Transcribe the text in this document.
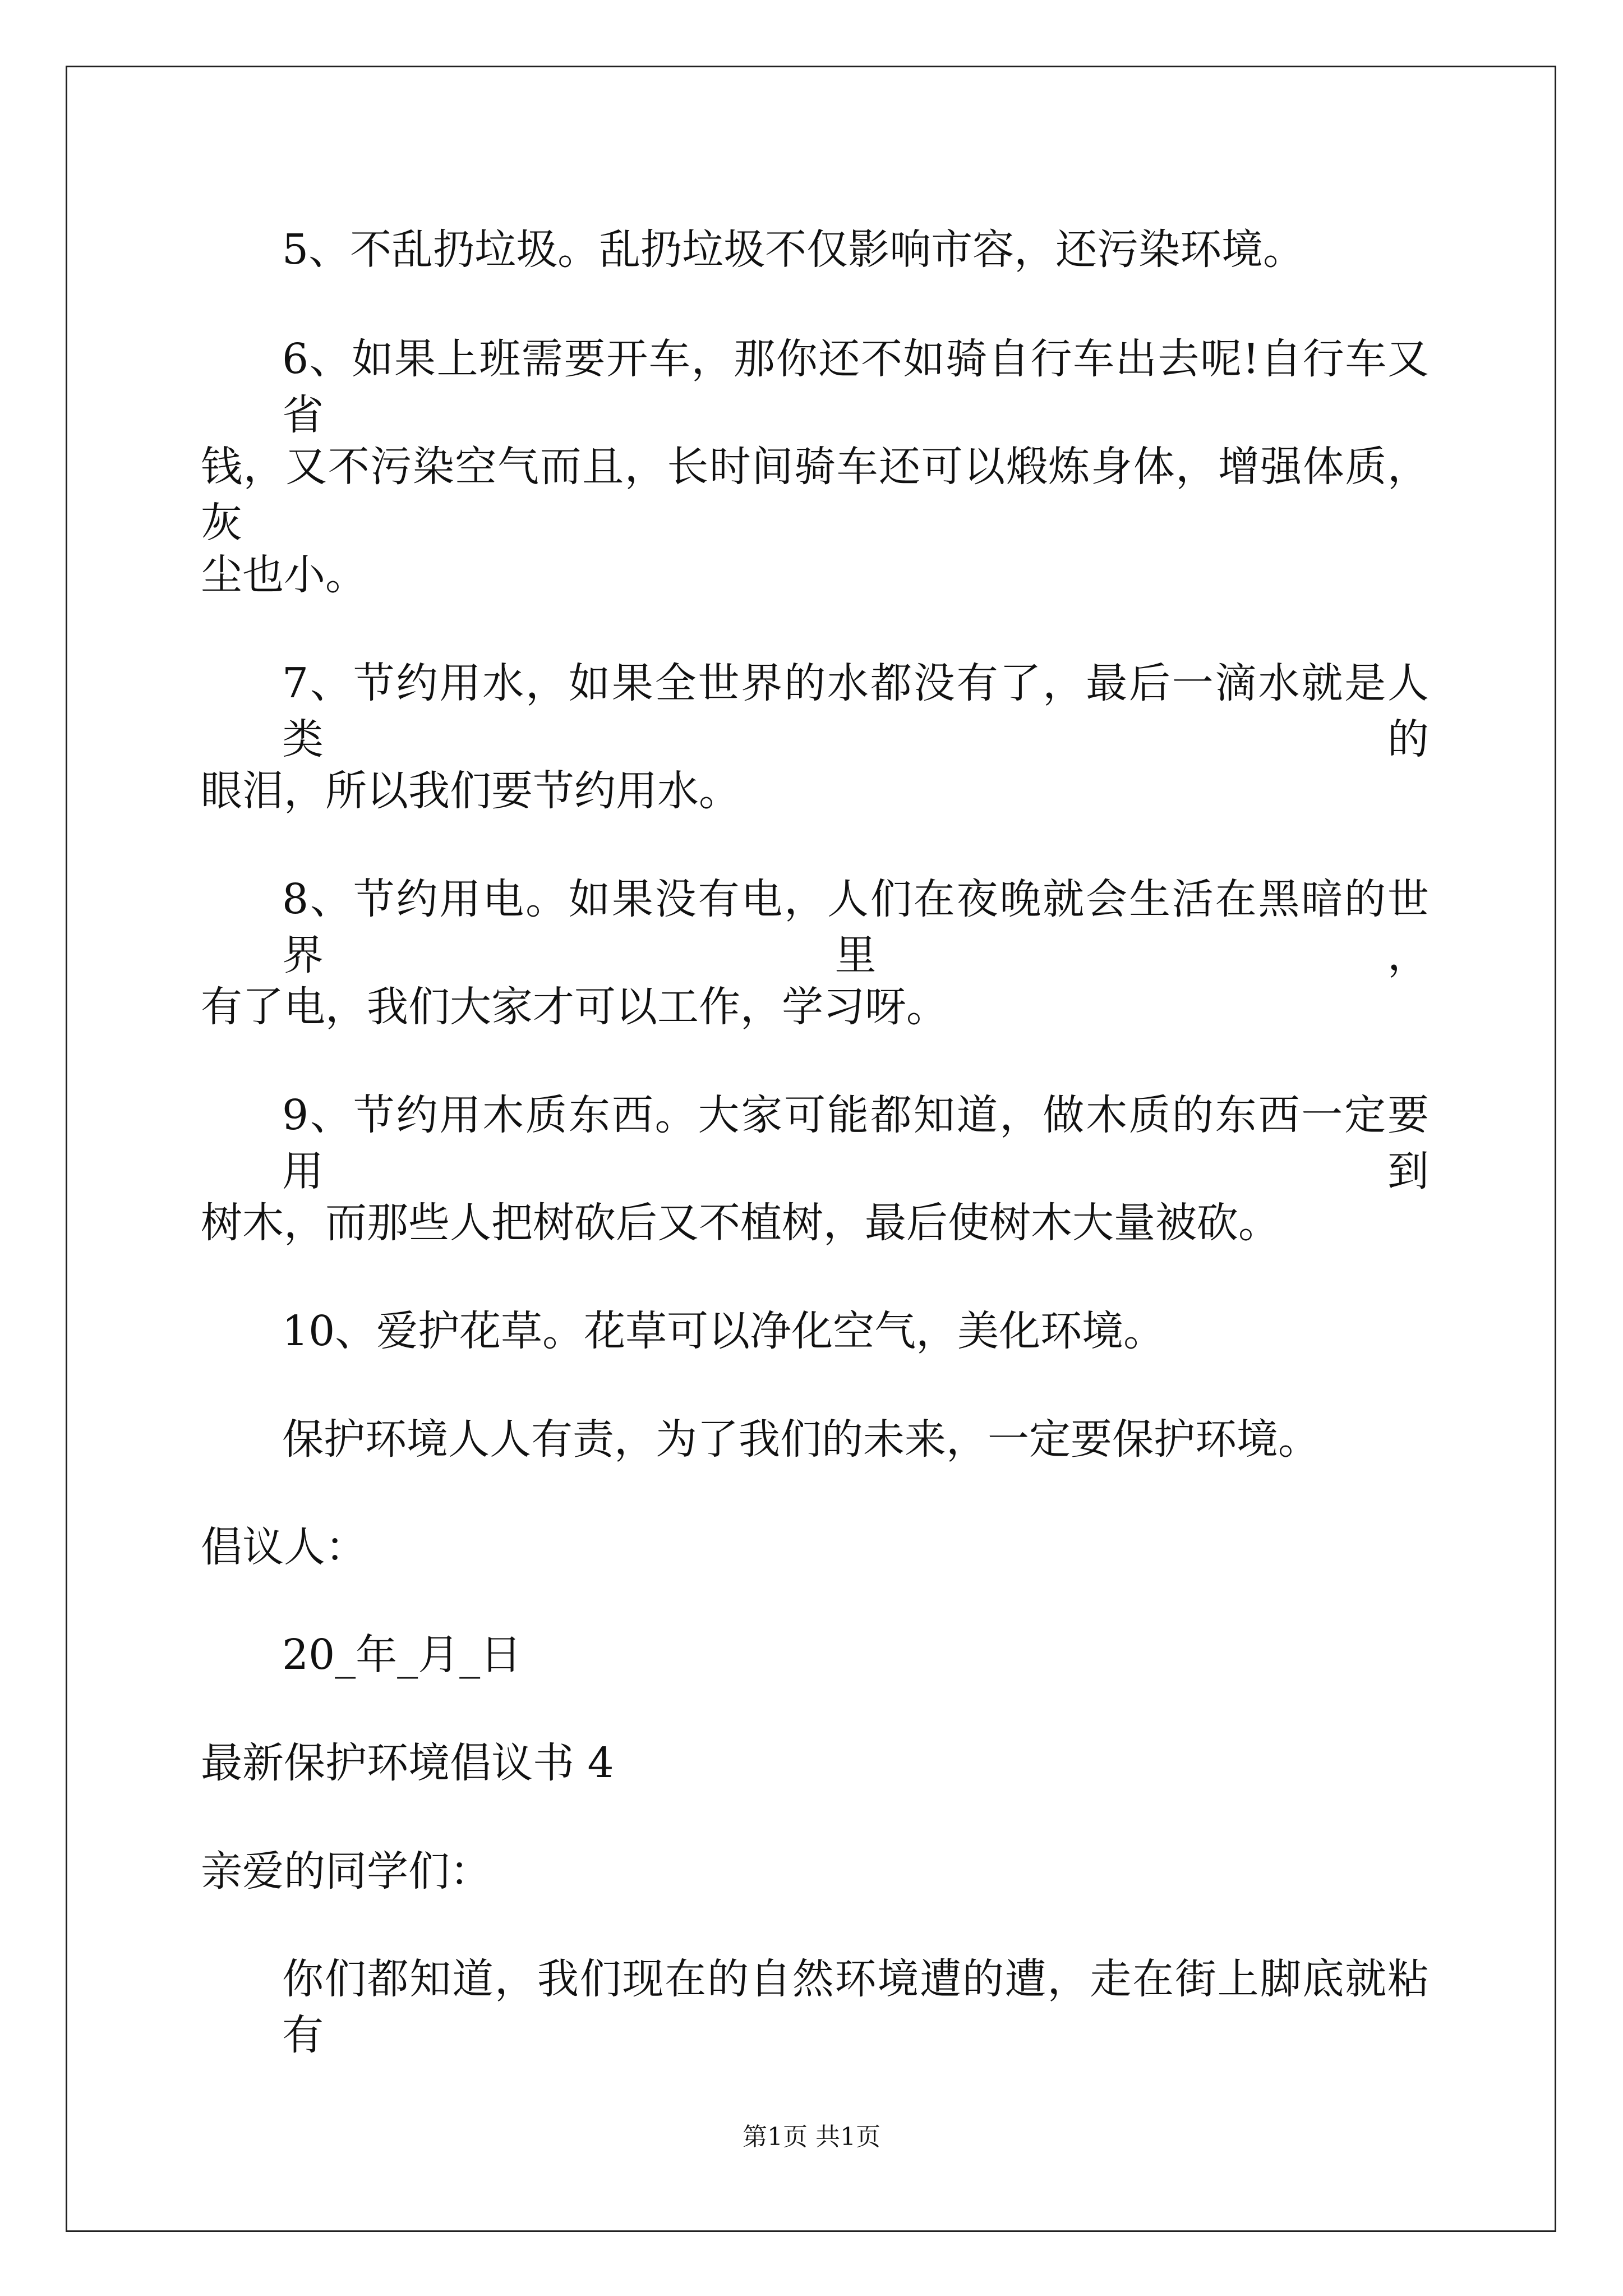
5、不乱扔垃圾。乱扔垃圾不仅影响市容，还污染环境。
6、如果上班需要开车，那你还不如骑自行车出去呢!自行车又省
钱，又不污染空气而且，长时间骑车还可以煅炼身体，增强体质，灰
尘也小。
7、节约用水，如果全世界的水都没有了，最后一滴水就是人类的
眼泪，所以我们要节约用水。
8、节约用电。如果没有电，人们在夜晚就会生活在黑暗的世界里，
有了电，我们大家才可以工作，学习呀。
9、节约用木质东西。大家可能都知道，做木质的东西一定要用到
树木，而那些人把树砍后又不植树，最后使树木大量被砍。
10、爱护花草。花草可以净化空气，美化环境。
保护环境人人有责，为了我们的未来，一定要保护环境。
倡议人：
20_年_月_日
最新保护环境倡议书 4
亲爱的同学们：
你们都知道，我们现在的自然环境遭的遭，走在街上脚底就粘有
第1页 共1页
